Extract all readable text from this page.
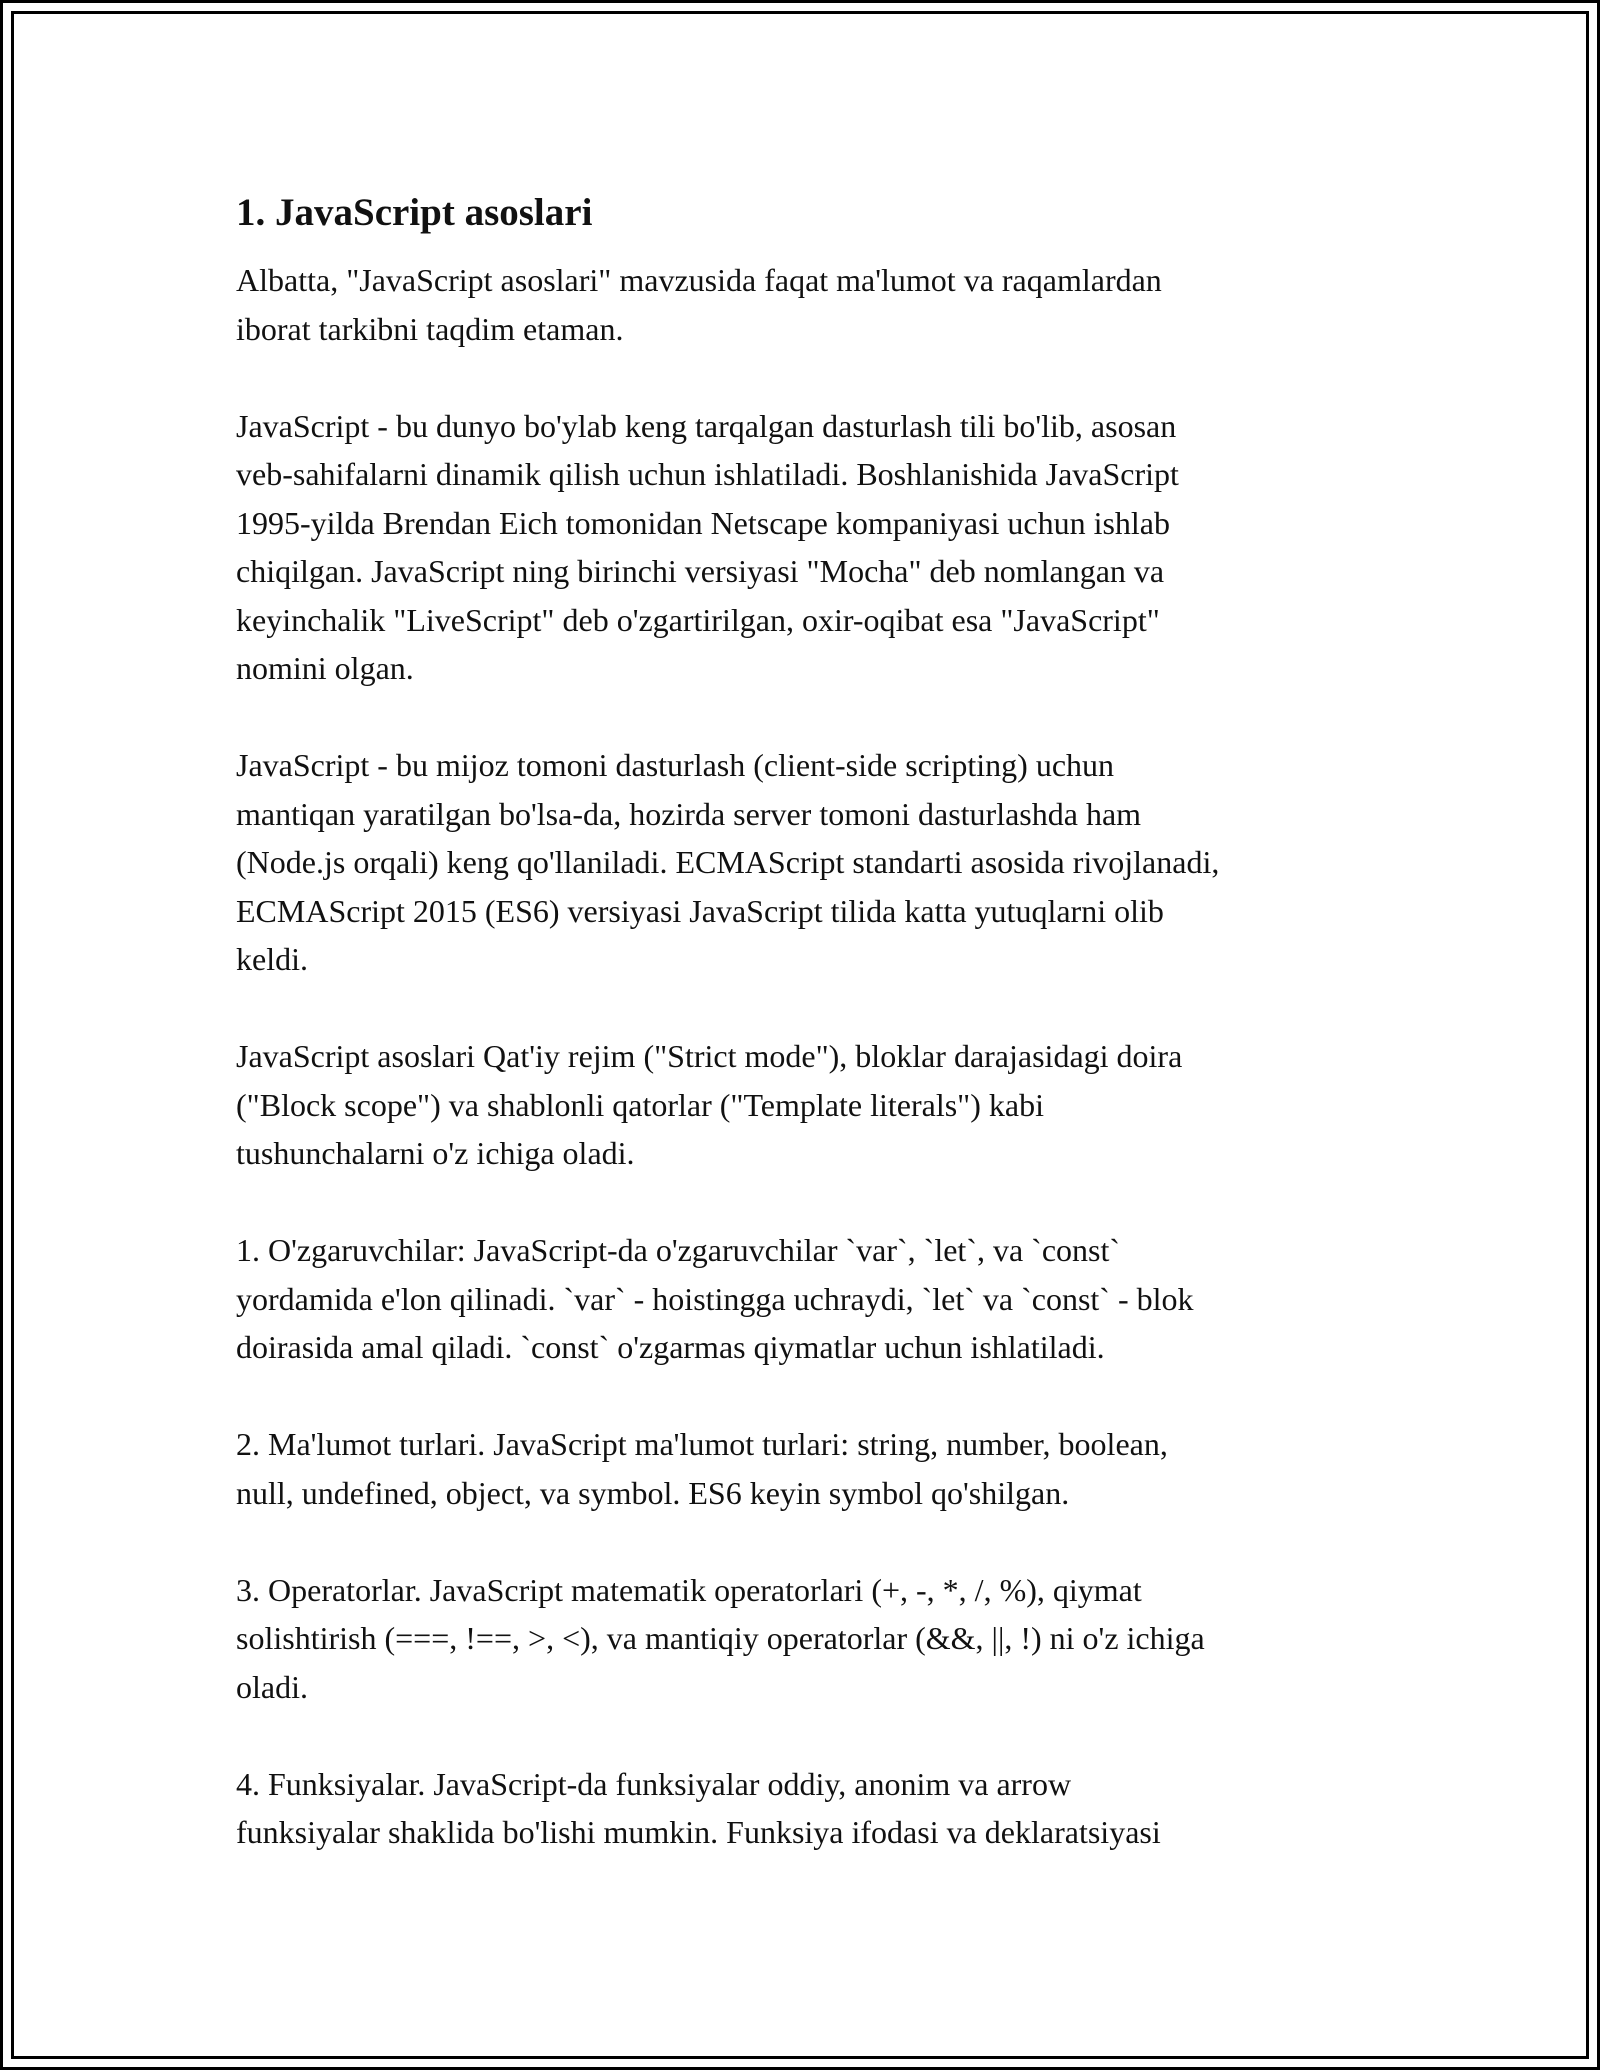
1. JavaScript asoslari

Albatta, "JavaScript asoslari" mavzusida faqat ma'lumot va raqamlardan
iborat tarkibni taqdim etaman.

JavaScript - bu dunyo bo'ylab keng tarqalgan dasturlash tili bo'lib, asosan
veb-sahifalarni dinamik qilish uchun ishlatiladi. Boshlanishida JavaScript
1995-yilda Brendan Eich tomonidan Netscape kompaniyasi uchun ishlab
chiqilgan. JavaScript ning birinchi versiyasi "Mocha" deb nomlangan va
keyinchalik "LiveScript" deb o'zgartirilgan, oxir-oqibat esa "JavaScript"
nomini olgan.

JavaScript - bu mijoz tomoni dasturlash (client-side scripting) uchun
mantiqan yaratilgan bo'lsa-da, hozirda server tomoni dasturlashda ham
(Node.js orqali) keng qo'llaniladi. ECMAScript standarti asosida rivojlanadi,
ECMAScript 2015 (ES6) versiyasi JavaScript tilida katta yutuqlarni olib
keldi.

JavaScript asoslari Qat'iy rejim ("Strict mode"), bloklar darajasidagi doira
("Block scope") va shablonli qatorlar ("Template literals") kabi
tushunchalarni o'z ichiga oladi.

1. O'zgaruvchilar: JavaScript-da o'zgaruvchilar `var`, `let`, va `const`
yordamida e'lon qilinadi. `var` - hoistingga uchraydi, `let` va `const` - blok
doirasida amal qiladi. `const` o'zgarmas qiymatlar uchun ishlatiladi.

2. Ma'lumot turlari. JavaScript ma'lumot turlari: string, number, boolean,
null, undefined, object, va symbol. ES6 keyin symbol qo'shilgan.

3. Operatorlar. JavaScript matematik operatorlari (+, -, *, /, %), qiymat
solishtirish (===, !==, >, <), va mantiqiy operatorlar (&&, ||, !) ni o'z ichiga
oladi.

4. Funksiyalar. JavaScript-da funksiyalar oddiy, anonim va arrow
funksiyalar shaklida bo'lishi mumkin. Funksiya ifodasi va deklaratsiyasi
